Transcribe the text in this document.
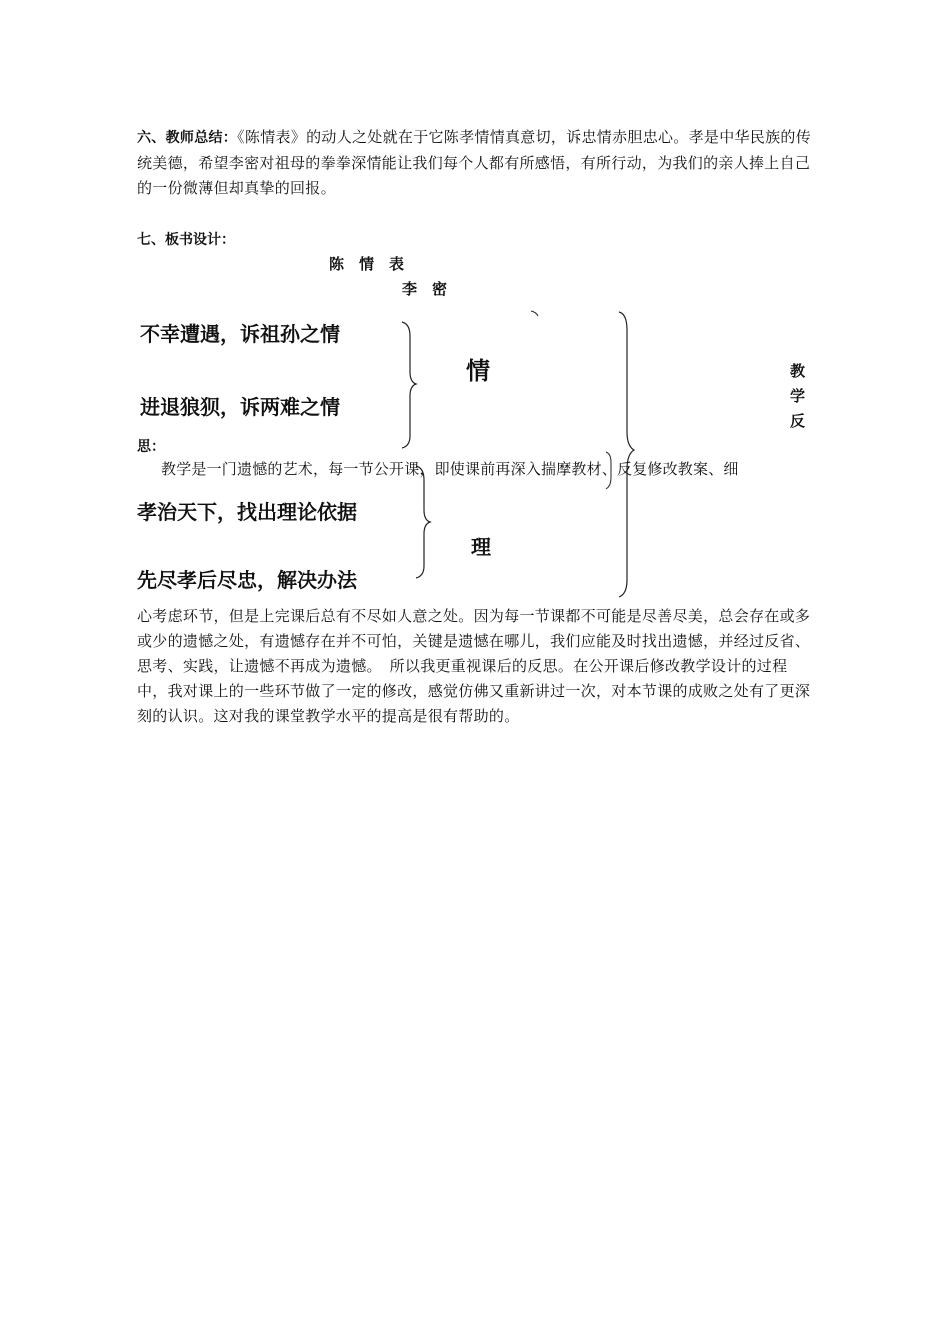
六、教师总结：《陈情表》的动人之处就在于它陈孝情情真意切，诉忠情赤胆忠心。孝是中华民族的传统美德，希望李密对祖母的拳拳深情能让我们每个人都有所感悟，有所行动，为我们的亲人捧上自己的一份微薄但却真挚的回报。
七、板书设计：
陈　情　表
李　密
不幸遭遇，诉祖孙之情
情
进退狼狈，诉两难之情
教
学
反
思：
教学是一门遗憾的艺术，每一节公开课，即使课前再深入揣摩教材、反复修改教案、细
孝治天下，找出理论依据
理
先尽孝后尽忠，解决办法
心考虑环节，但是上完课后总有不尽如人意之处。因为每一节课都不可能是尽善尽美，总会存在或多或少的遗憾之处，有遗憾存在并不可怕，关键是遗憾在哪儿，我们应能及时找出遗憾，并经过反省、思考、实践，让遗憾不再成为遗憾。　所以我更重视课后的反思。在公开课后修改教学设计的过程中，我对课上的一些环节做了一定的修改，感觉仿佛又重新讲过一次，对本节课的成败之处有了更深刻的认识。这对我的课堂教学水平的提高是很有帮助的。
